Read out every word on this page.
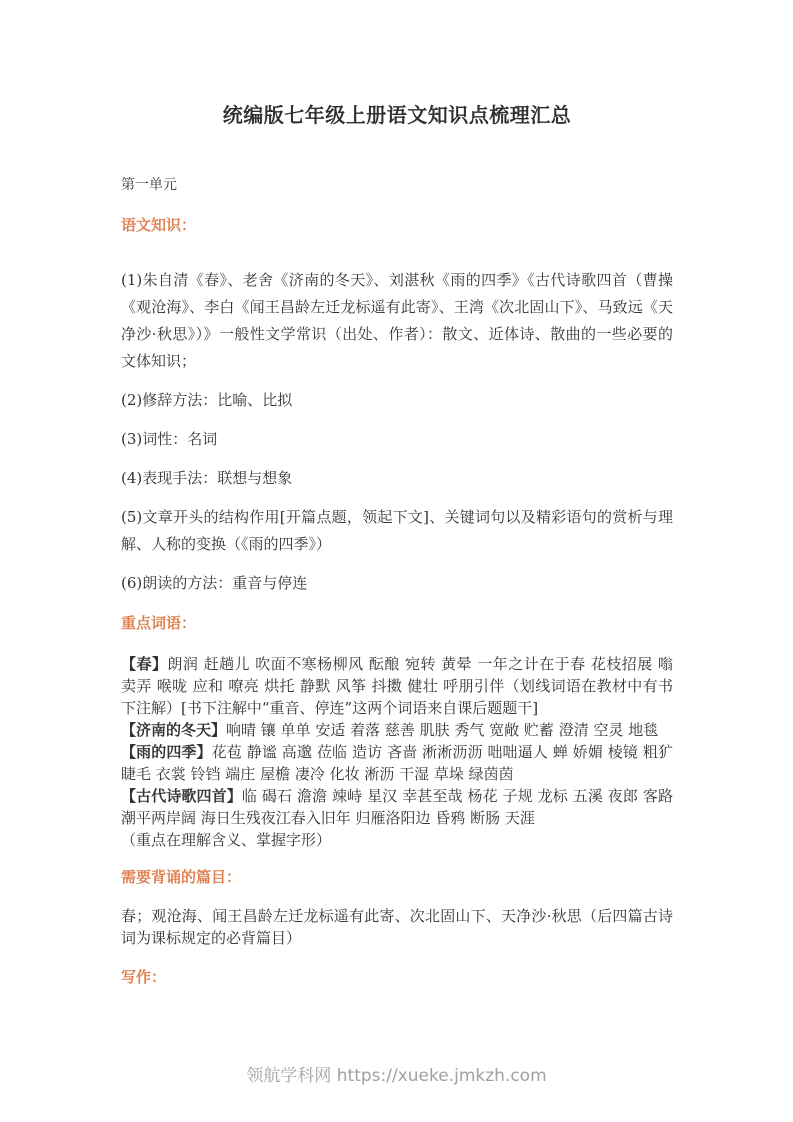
统编版七年级上册语文知识点梳理汇总

第一单元

语文知识：

(1)朱自清《春》、老舍《济南的冬天》、刘湛秋《雨的四季》《古代诗歌四首（曹操《观沧海》、李白《闻王昌龄左迁龙标遥有此寄》、王湾《次北固山下》、马致远《天净沙·秋思》）》一般性文学常识（出处、作者）：散文、近体诗、散曲的一些必要的文体知识；

(2)修辞方法：比喻、比拟

(3)词性：名词

(4)表现手法：联想与想象

(5)文章开头的结构作用[开篇点题，领起下文]、关键词句以及精彩语句的赏析与理解、人称的变换（《雨的四季》）

(6)朗读的方法：重音与停连

重点词语：

【春】朗润 赶趟儿 吹面不寒杨柳风 酝酿 宛转 黄晕 一年之计在于春 花枝招展 嗡 卖弄 喉咙 应和 嘹亮 烘托 静默 风筝 抖擞 健壮 呼朋引伴（划线词语在教材中有书下注解）[书下注解中“重音、停连”这两个词语来自课后题题干]

【济南的冬天】响晴 镶 单单 安适 着落 慈善 肌肤 秀气 宽敞 贮蓄 澄清 空灵 地毯

【雨的四季】花苞 静谧 高邈 莅临 造访 吝啬 淅淅沥沥 咄咄逼人 蝉 娇媚 棱镜 粗犷 睫毛 衣裳 铃铛 端庄 屋檐 凄冷 化妆 淅沥 干湿 草垛 绿茵茵

【古代诗歌四首】临 碣石 澹澹 竦峙 星汉 幸甚至哉 杨花 子规 龙标 五溪 夜郎 客路 潮平两岸阔 海日生残夜江春入旧年 归雁洛阳边 昏鸦 断肠 天涯

（重点在理解含义、掌握字形）

需要背诵的篇目：

春；观沧海、闻王昌龄左迁龙标遥有此寄、次北固山下、天净沙·秋思（后四篇古诗词为课标规定的必背篇目）

写作：
领航学科网 https://xueke.jmkzh.com
